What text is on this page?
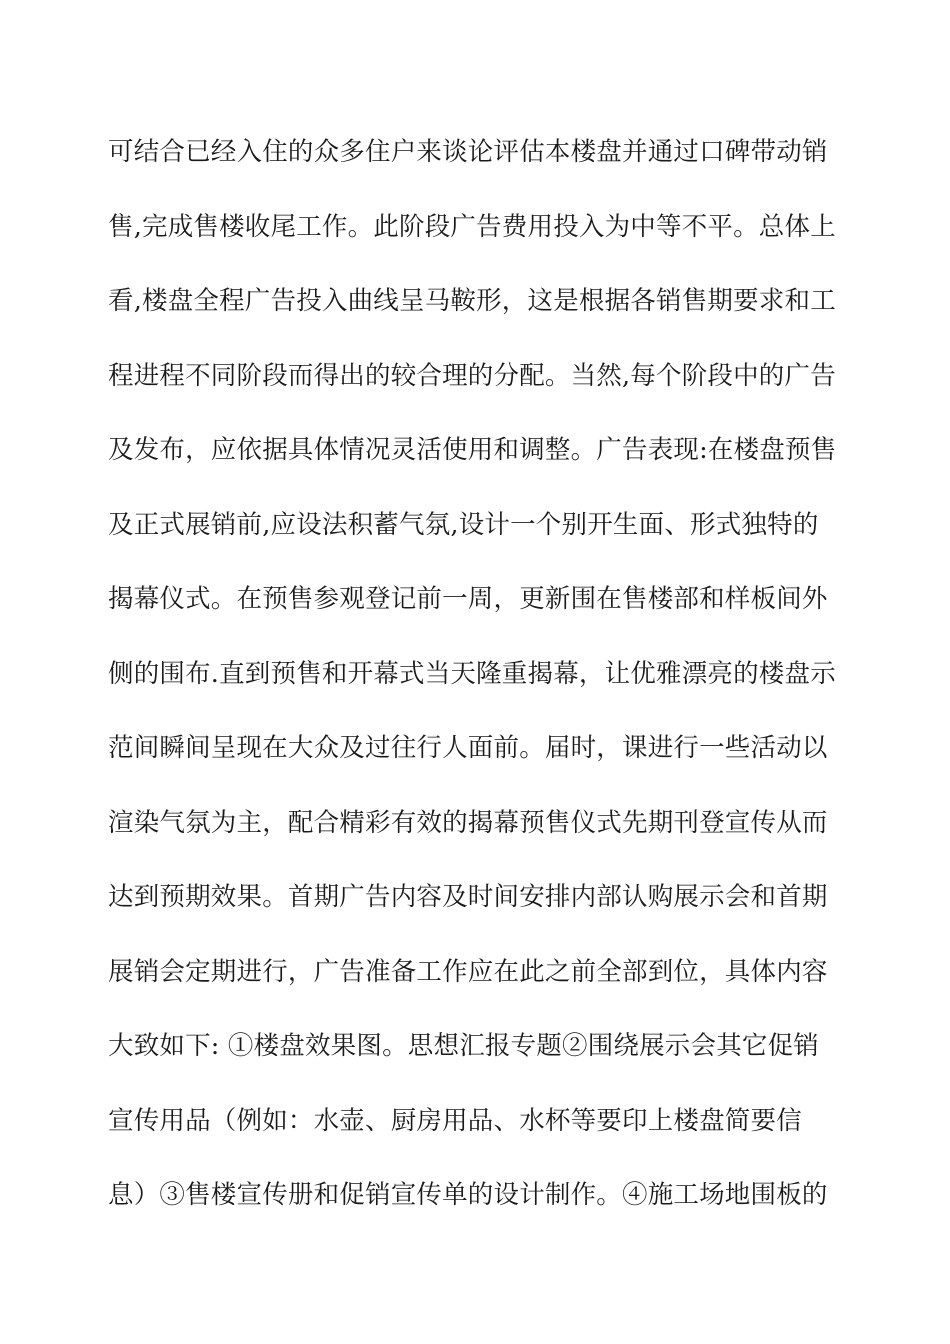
可结合已经入住的众多住户来谈论评估本楼盘并通过口碑带动销
售,完成售楼收尾工作。此阶段广告费用投入为中等不平。总体上
看,楼盘全程广告投入曲线呈马鞍形，这是根据各销售期要求和工
程进程不同阶段而得出的较合理的分配。当然,每个阶段中的广告
及发布，应依据具体情况灵活使用和调整。广告表现:在楼盘预售
及正式展销前,应设法积蓄气氛,设计一个别开生面、形式独特的
揭幕仪式。在预售参观登记前一周，更新围在售楼部和样板间外
侧的围布.直到预售和开幕式当天隆重揭幕，让优雅漂亮的楼盘示
范间瞬间呈现在大众及过往行人面前。届时，课进行一些活动以
渲染气氛为主，配合精彩有效的揭幕预售仪式先期刊登宣传从而
达到预期效果。首期广告内容及时间安排内部认购展示会和首期
展销会定期进行，广告准备工作应在此之前全部到位，具体内容
大致如下: ①楼盘效果图。思想汇报专题②围绕展示会其它促销
宣传用品（例如：水壶、厨房用品、水杯等要印上楼盘简要信
息）③售楼宣传册和促销宣传单的设计制作。④施工场地围板的
